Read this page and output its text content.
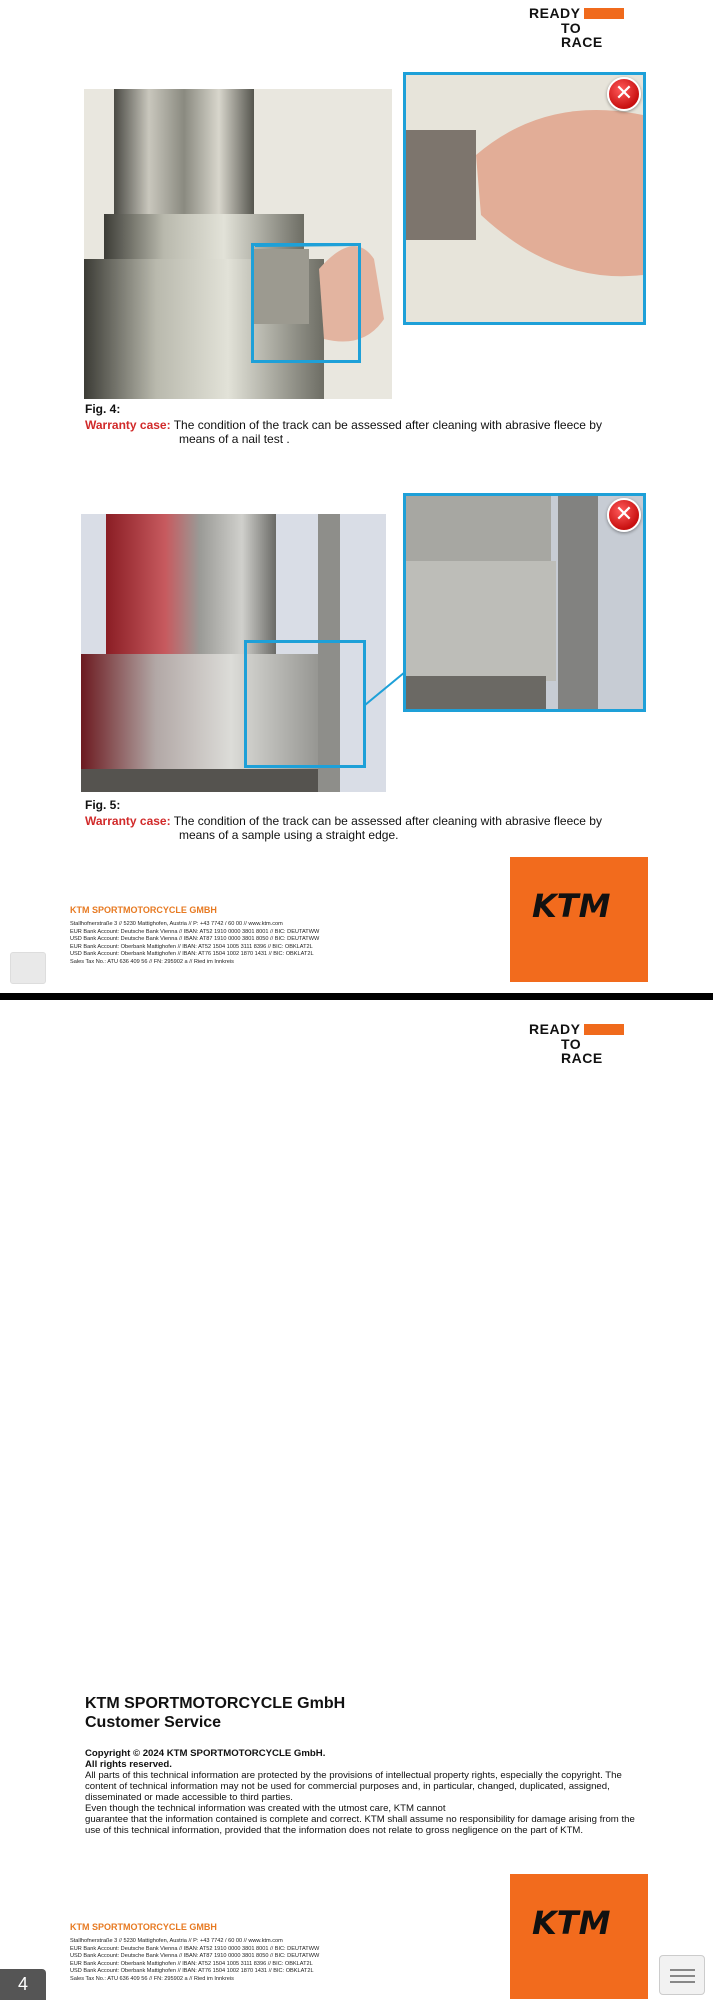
READY
TO RACE
✕
Fig. 4:
Warranty case: The condition of the track can be assessed after cleaning with abrasive fleece by
means of a nail test .
✕
Fig. 5:
Warranty case: The condition of the track can be assessed after cleaning with abrasive fleece by
means of a sample using a straight edge.
KTM
KTM SPORTMOTORCYCLE GMBH
Stallhofnerstraße 3 // 5230 Mattighofen, Austria // P: +43 7742 / 60 00 // www.ktm.com
EUR Bank Account: Deutsche Bank Vienna // IBAN: AT52 1910 0000 3801 8001 // BIC: DEUTATWW
USD Bank Account: Deutsche Bank Vienna // IBAN: AT87 1910 0000 3801 8050 // BIC: DEUTATWW
EUR Bank Account: Oberbank Mattighofen // IBAN: AT52 1504 1005 3111 8396 // BIC: OBKLAT2L
USD Bank Account: Oberbank Mattighofen // IBAN: AT76 1504 1002 1870 1431 // BIC: OBKLAT2L
Sales Tax No.: ATU 636 409 56 // FN: 295902 a // Ried im Innkreis
READY
TO RACE
KTM SPORTMOTORCYCLE GmbH
Customer Service
Copyright © 2024 KTM SPORTMOTORCYCLE GmbH.
All rights reserved.
All parts of this technical information are protected by the provisions of intellectual property rights, especially the copyright. The content of technical information may not be used for commercial purposes and, in particular, changed, duplicated, assigned, disseminated or made accessible to third parties.
Even though the technical information was created with the utmost care, KTM cannot
guarantee that the information contained is complete and correct. KTM shall assume no responsibility for damage arising from the use of this technical information, provided that the information does not relate to gross negligence on the part of KTM.
KTM
KTM SPORTMOTORCYCLE GMBH
Stallhofnerstraße 3 // 5230 Mattighofen, Austria // P: +43 7742 / 60 00 // www.ktm.com
EUR Bank Account: Deutsche Bank Vienna // IBAN: AT52 1910 0000 3801 8001 // BIC: DEUTATWW
USD Bank Account: Deutsche Bank Vienna // IBAN: AT87 1910 0000 3801 8050 // BIC: DEUTATWW
EUR Bank Account: Oberbank Mattighofen // IBAN: AT52 1504 1005 3111 8396 // BIC: OBKLAT2L
USD Bank Account: Oberbank Mattighofen // IBAN: AT76 1504 1002 1870 1431 // BIC: OBKLAT2L
Sales Tax No.: ATU 636 409 56 // FN: 295902 a // Ried im Innkreis
4
